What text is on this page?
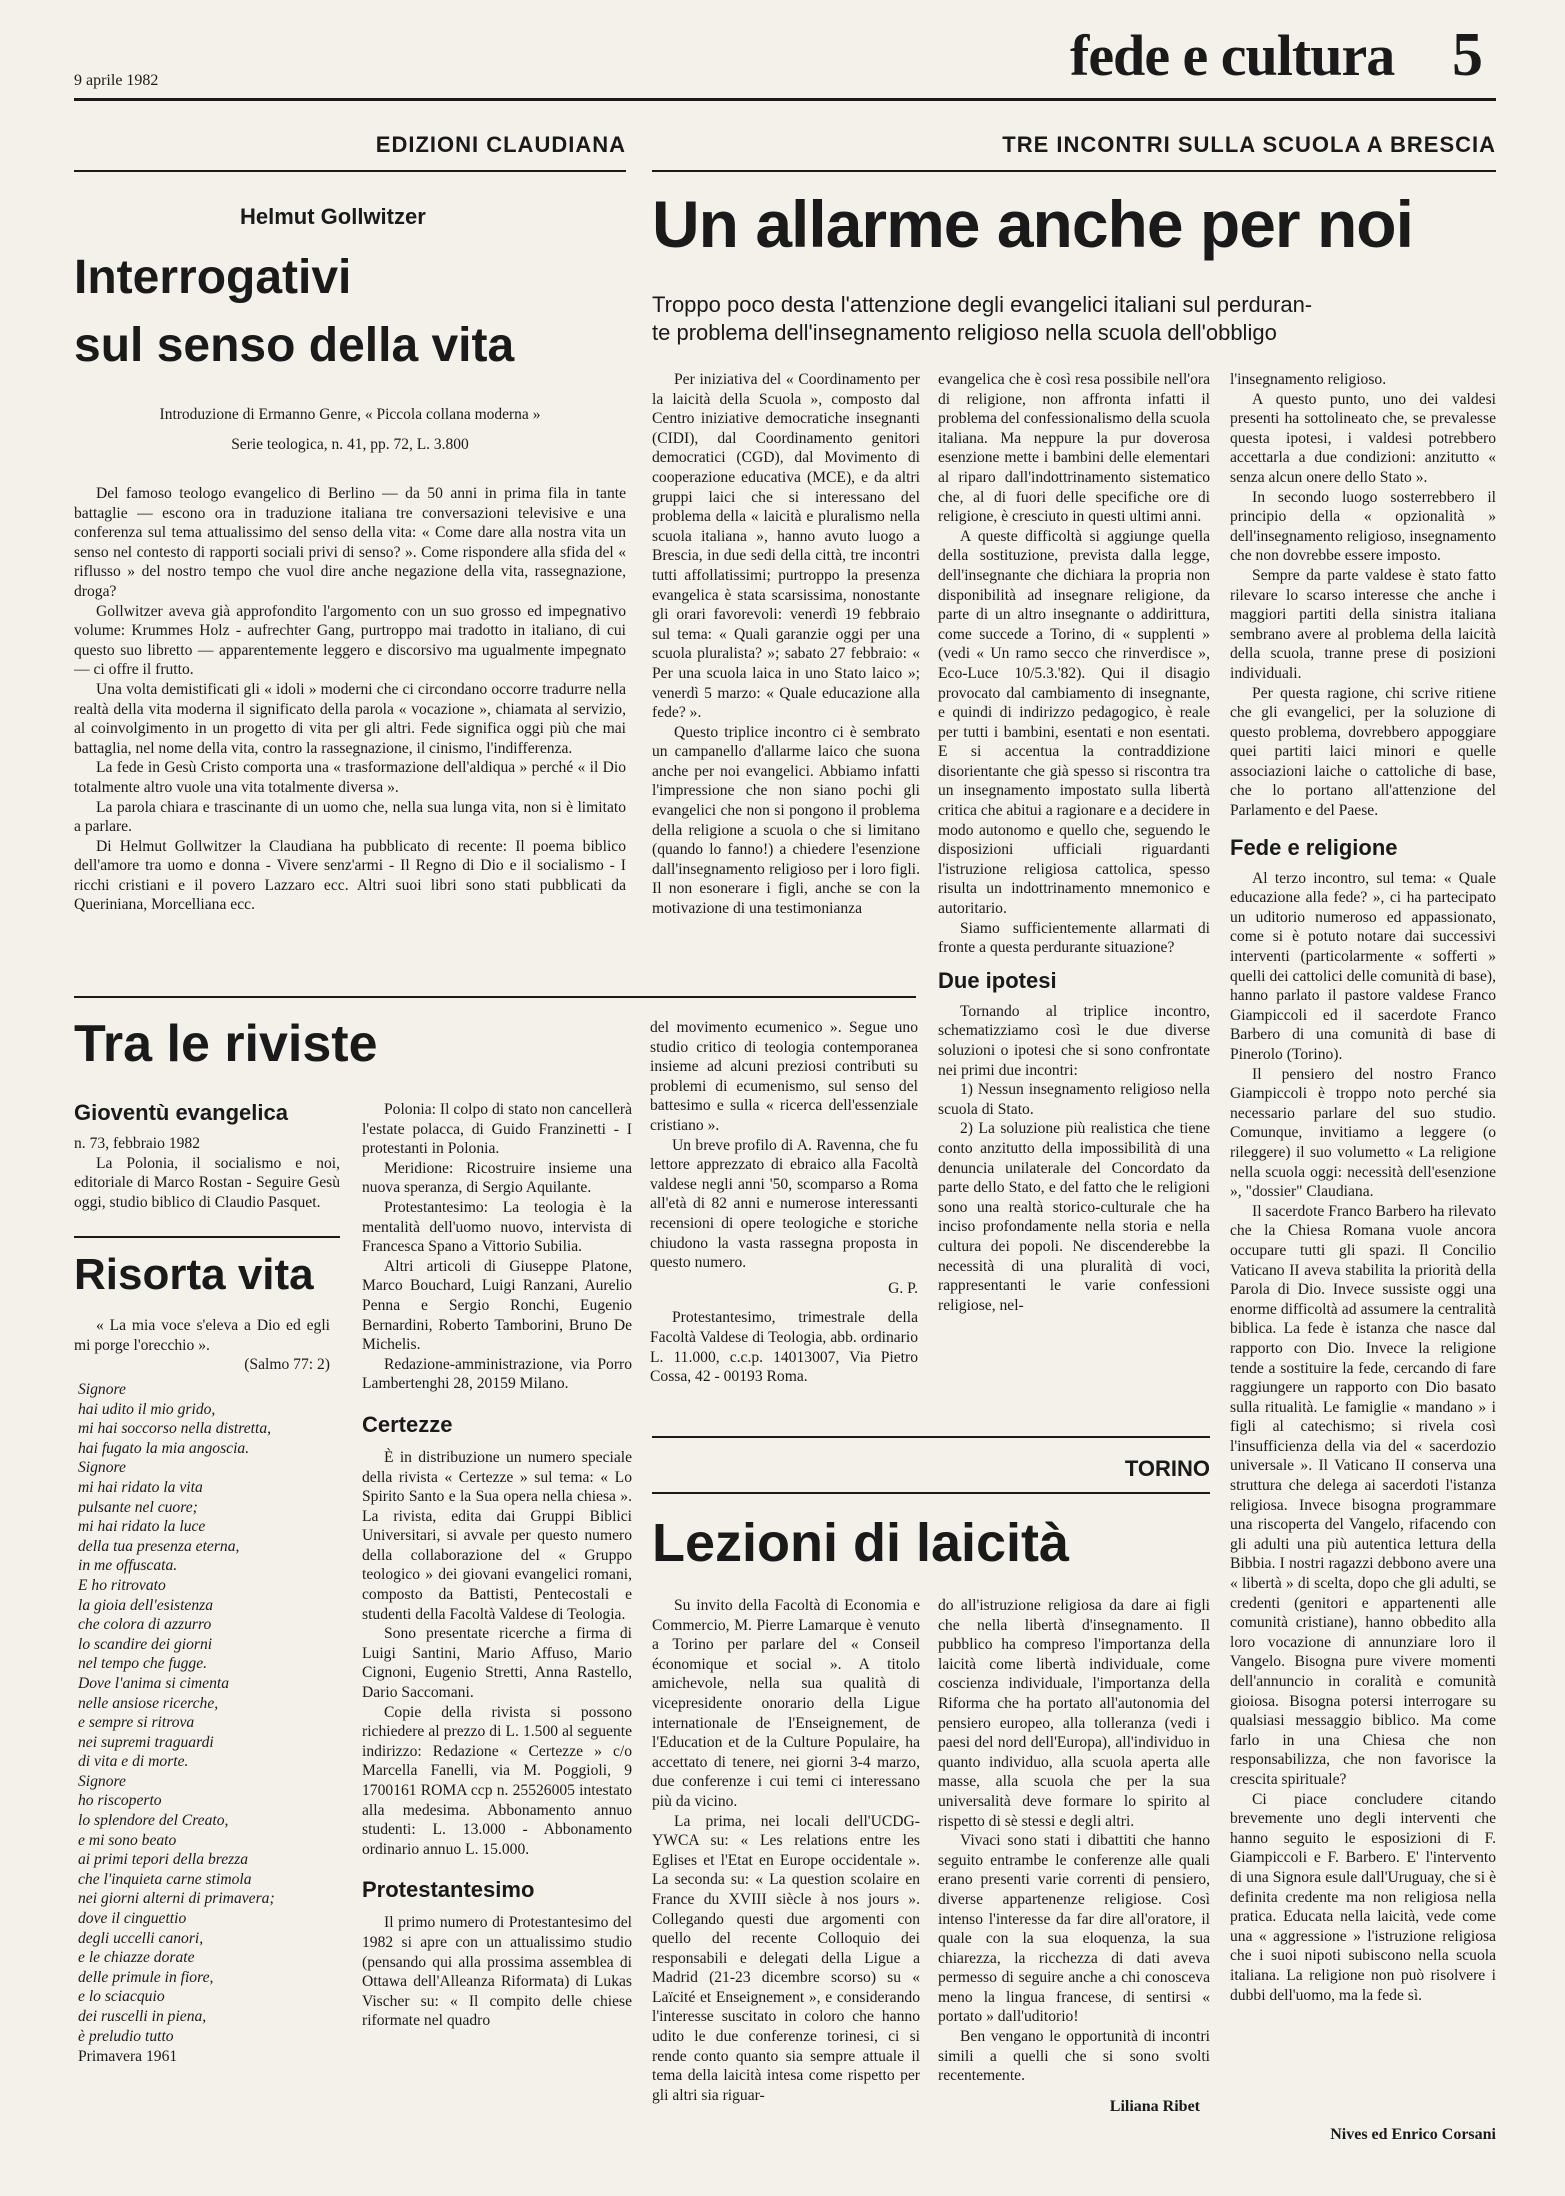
9 aprile 1982	fede e cultura 5
EDIZIONI CLAUDIANA	TRE INCONTRI SULLA SCUOLA A BRESCIA
Helmut Gollwitzer
Interrogativi
sul senso della vita
Introduzione di Ermanno Genre, « Piccola collana moderna »
Serie teologica, n. 41, pp. 72, L. 3.800

Del famoso teologo evangelico di Berlino — da 50 anni in prima fila in tante battaglie — escono ora in traduzione italiana tre conversazioni televisive e una conferenza sul tema attualissimo del senso della vita: « Come dare alla nostra vita un senso nel contesto di rapporti sociali privi di senso? ». Come rispondere alla sfida del « riflusso » del nostro tempo che vuol dire anche negazione della vita, rassegnazione, droga?

Gollwitzer aveva già approfondito l'argomento con un suo grosso ed impegnativo volume: Krummes Holz - aufrechter Gang, purtroppo mai tradotto in italiano, di cui questo suo libretto — apparentemente leggero e discorsivo ma ugualmente impegnato — ci offre il frutto.

Una volta demistificati gli « idoli » moderni che ci circondano occorre tradurre nella realtà della vita moderna il significato della parola « vocazione », chiamata al servizio, al coinvolgimento in un progetto di vita per gli altri. Fede significa oggi più che mai battaglia, nel nome della vita, contro la rassegnazione, il cinismo, l'indifferenza.

La fede in Gesù Cristo comporta una « trasformazione dell'aldiqua » perché « il Dio totalmente altro vuole una vita totalmente diversa ».

La parola chiara e trascinante di un uomo che, nella sua lunga vita, non si è limitato a parlare.

Di Helmut Gollwitzer la Claudiana ha pubblicato di recente: Il poema biblico dell'amore tra uomo e donna - Vivere senz'armi - Il Regno di Dio e il socialismo - I ricchi cristiani e il povero Lazzaro ecc. Altri suoi libri sono stati pubblicati da Queriniana, Morcelliana ecc.

Un allarme anche per noi
Troppo poco desta l'attenzione degli evangelici italiani sul perduran-
te problema dell'insegnamento religioso nella scuola dell'obbligo

Per iniziativa del « Coordinamento per la laicità della Scuola », composto dal Centro iniziative democratiche insegnanti (CIDI), dal Coordinamento genitori democratici (CGD), dal Movimento di cooperazione educativa (MCE), e da altri gruppi laici che si interessano del problema della « laicità e pluralismo nella scuola italiana », hanno avuto luogo a Brescia, in due sedi della città, tre incontri tutti affollatissimi; purtroppo la presenza evangelica è stata scarsissima, nonostante gli orari favorevoli: venerdì 19 febbraio sul tema: « Quali garanzie oggi per una scuola pluralista? »; sabato 27 febbraio: « Per una scuola laica in uno Stato laico »; venerdì 5 marzo: « Quale educazione alla fede? ».

Questo triplice incontro ci è sembrato un campanello d'allarme laico che suona anche per noi evangelici. Abbiamo infatti l'impressione che non siano pochi gli evangelici che non si pongono il problema della religione a scuola o che si limitano (quando lo fanno!) a chiedere l'esenzione dall'insegnamento religioso per i loro figli. Il non esonerare i figli, anche se con la motivazione di una testimonianza

evangelica che è così resa possibile nell'ora di religione, non affronta infatti il problema del confessionalismo della scuola italiana. Ma neppure la pur doverosa esenzione mette i bambini delle elementari al riparo dall'indottrinamento sistematico che, al di fuori delle specifiche ore di religione, è cresciuto in questi ultimi anni.

A queste difficoltà si aggiunge quella della sostituzione, prevista dalla legge, dell'insegnante che dichiara la propria non disponibilità ad insegnare religione, da parte di un altro insegnante o addirittura, come succede a Torino, di « supplenti » (vedi « Un ramo secco che rinverdisce », Eco-Luce 10/5.3.'82). Qui il disagio provocato dal cambiamento di insegnante, e quindi di indirizzo pedagogico, è reale per tutti i bambini, esentati e non esentati. E si accentua la contraddizione disorientante che già spesso si riscontra tra un insegnamento impostato sulla libertà critica che abitui a ragionare e a decidere in modo autonomo e quello che, seguendo le disposizioni ufficiali riguardanti l'istruzione religiosa cattolica, spesso risulta un indottrinamento mnemonico e autoritario.

Siamo sufficientemente allarmati di fronte a questa perdurante situazione?

Due ipotesi

Tornando al triplice incontro, schematizziamo così le due diverse soluzioni o ipotesi che si sono confrontate nei primi due incontri:

1) Nessun insegnamento religioso nella scuola di Stato.

2) La soluzione più realistica che tiene conto anzitutto della impossibilità di una denuncia unilaterale del Concordato da parte dello Stato, e del fatto che le religioni sono una realtà storico-culturale che ha inciso profondamente nella storia e nella cultura dei popoli. Ne discenderebbe la necessità di una pluralità di voci, rappresentanti le varie confessioni religiose, nel-

l'insegnamento religioso.

A questo punto, uno dei valdesi presenti ha sottolineato che, se prevalesse questa ipotesi, i valdesi potrebbero accettarla a due condizioni: anzitutto « senza alcun onere dello Stato ».

In secondo luogo sosterrebbero il principio della « opzionalità » dell'insegnamento religioso, insegnamento che non dovrebbe essere imposto.

Sempre da parte valdese è stato fatto rilevare lo scarso interesse che anche i maggiori partiti della sinistra italiana sembrano avere al problema della laicità della scuola, tranne prese di posizioni individuali.

Per questa ragione, chi scrive ritiene che gli evangelici, per la soluzione di questo problema, dovrebbero appoggiare quei partiti laici minori e quelle associazioni laiche o cattoliche di base, che lo portano all'attenzione del Parlamento e del Paese.

Fede e religione

Al terzo incontro, sul tema: « Quale educazione alla fede? », ci ha partecipato un uditorio numeroso ed appassionato, come si è potuto notare dai successivi interventi (particolarmente « sofferti » quelli dei cattolici delle comunità di base), hanno parlato il pastore valdese Franco Giampiccoli ed il sacerdote Franco Barbero di una comunità di base di Pinerolo (Torino).

Il pensiero del nostro Franco Giampiccoli è troppo noto perché sia necessario parlare del suo studio. Comunque, invitiamo a leggere (o rileggere) il suo volumetto « La religione nella scuola oggi: necessità dell'esenzione », "dossier" Claudiana.

Il sacerdote Franco Barbero ha rilevato che la Chiesa Romana vuole ancora occupare tutti gli spazi. Il Concilio Vaticano II aveva stabilita la priorità della Parola di Dio. Invece sussiste oggi una enorme difficoltà ad assumere la centralità biblica. La fede è istanza che nasce dal rapporto con Dio. Invece la religione tende a sostituire la fede, cercando di fare raggiungere un rapporto con Dio basato sulla ritualità. Le famiglie « mandano » i figli al catechismo; si rivela così l'insufficienza della via del « sacerdozio universale ». Il Vaticano II conserva una struttura che delega ai sacerdoti l'istanza religiosa. Invece bisogna programmare una riscoperta del Vangelo, rifacendo con gli adulti una più autentica lettura della Bibbia. I nostri ragazzi debbono avere una « libertà » di scelta, dopo che gli adulti, se credenti (genitori e appartenenti alle comunità cristiane), hanno obbedito alla loro vocazione di annunziare loro il Vangelo. Bisogna pure vivere momenti dell'annuncio in coralità e comunità gioiosa. Bisogna potersi interrogare su qualsiasi messaggio biblico. Ma come farlo in una Chiesa che non responsabilizza, che non favorisce la crescita spirituale?

Ci piace concludere citando brevemente uno degli interventi che hanno seguito le esposizioni di F. Giampiccoli e F. Barbero. E' l'intervento di una Signora esule dall'Uruguay, che si è definita credente ma non religiosa nella pratica. Educata nella laicità, vede come una « aggressione » l'istruzione religiosa che i suoi nipoti subiscono nella scuola italiana. La religione non può risolvere i dubbi dell'uomo, ma la fede sì.

Nives ed Enrico Corsani
Tra le riviste
Gioventù evangelica

n. 73, febbraio 1982

La Polonia, il socialismo e noi, editoriale di Marco Rostan - Seguire Gesù oggi, studio biblico di Claudio Pasquet.

Polonia: Il colpo di stato non cancellerà l'estate polacca, di Guido Franzinetti - I protestanti in Polonia.

Meridione: Ricostruire insieme una nuova speranza, di Sergio Aquilante.

Protestantesimo: La teologia è la mentalità dell'uomo nuovo, intervista di Francesca Spano a Vittorio Subilia.

Altri articoli di Giuseppe Platone, Marco Bouchard, Luigi Ranzani, Aurelio Penna e Sergio Ronchi, Eugenio Bernardini, Roberto Tamborini, Bruno De Michelis.

Redazione-amministrazione, via Porro Lambertenghi 28, 20159 Milano.

Certezze

È in distribuzione un numero speciale della rivista « Certezze » sul tema: « Lo Spirito Santo e la Sua opera nella chiesa ». La rivista, edita dai Gruppi Biblici Universitari, si avvale per questo numero della collaborazione del « Gruppo teologico » dei giovani evangelici romani, composto da Battisti, Pentecostali e studenti della Facoltà Valdese di Teologia.

Sono presentate ricerche a firma di Luigi Santini, Mario Affuso, Mario Cignoni, Eugenio Stretti, Anna Rastello, Dario Saccomani.

Copie della rivista si possono richiedere al prezzo di L. 1.500 al seguente indirizzo: Redazione « Certezze » c/o Marcella Fanelli, via M. Poggioli, 9 1700161 ROMA ccp n. 25526005 intestato alla medesima. Abbonamento annuo studenti: L. 13.000 - Abbonamento ordinario annuo L. 15.000.

Protestantesimo

Il primo numero di Protestantesimo del 1982 si apre con un attualissimo studio (pensando qui alla prossima assemblea di Ottawa dell'Alleanza Riformata) di Lukas Vischer su: « Il compito delle chiese riformate nel quadro

del movimento ecumenico ». Segue uno studio critico di teologia contemporanea insieme ad alcuni preziosi contributi su problemi di ecumenismo, sul senso del battesimo e sulla « ricerca dell'essenziale cristiano ».

Un breve profilo di A. Ravenna, che fu lettore apprezzato di ebraico alla Facoltà valdese negli anni '50, scomparso a Roma all'età di 82 anni e numerose interessanti recensioni di opere teologiche e storiche chiudono la vasta rassegna proposta in questo numero.

G. P.

Protestantesimo, trimestrale della Facoltà Valdese di Teologia, abb. ordinario L. 11.000, c.c.p. 14013007, Via Pietro Cossa, 42 - 00193 Roma.

Risorta vita

« La mia voce s'eleva a Dio ed egli mi porge l'orecchio ».

(Salmo 77: 2)

Signore

hai udito il mio grido,

mi hai soccorso nella distretta,

hai fugato la mia angoscia.

Signore

mi hai ridato la vita

pulsante nel cuore;

mi hai ridato la luce

della tua presenza eterna,

in me offuscata.

E ho ritrovato

la gioia dell'esistenza

che colora di azzurro

lo scandire dei giorni

nel tempo che fugge.

Dove l'anima si cimenta

nelle ansiose ricerche,

e sempre si ritrova

nei supremi traguardi

di vita e di morte.

Signore

ho riscoperto

lo splendore del Creato,

e mi sono beato

ai primi tepori della brezza

che l'inquieta carne stimola

nei giorni alterni di primavera;

dove il cinguettio

degli uccelli canori,

e le chiazze dorate

delle primule in fiore,

e lo sciacquio

dei ruscelli in piena,

è preludio tutto

Primavera 1961
TORINO
Lezioni di laicità

Su invito della Facoltà di Economia e Commercio, M. Pierre Lamarque è venuto a Torino per parlare del « Conseil économique et social ». A titolo amichevole, nella sua qualità di vicepresidente onorario della Ligue internationale de l'Enseignement, de l'Education et de la Culture Populaire, ha accettato di tenere, nei giorni 3-4 marzo, due conferenze i cui temi ci interessano più da vicino.

La prima, nei locali dell'UCDG-YWCA su: « Les relations entre les Eglises et l'Etat en Europe occidentale ». La seconda su: « La question scolaire en France du XVIII siècle à nos jours ». Collegando questi due argomenti con quello del recente Colloquio dei responsabili e delegati della Ligue a Madrid (21-23 dicembre scorso) su « Laïcité et Enseignement », e considerando l'interesse suscitato in coloro che hanno udito le due conferenze torinesi, ci si rende conto quanto sia sempre attuale il tema della laicità intesa come rispetto per gli altri sia riguar-

do all'istruzione religiosa da dare ai figli che nella libertà d'insegnamento. Il pubblico ha compreso l'importanza della laicità come libertà individuale, come coscienza individuale, l'importanza della Riforma che ha portato all'autonomia del pensiero europeo, alla tolleranza (vedi i paesi del nord dell'Europa), all'individuo in quanto individuo, alla scuola aperta alle masse, alla scuola che per la sua universalità deve formare lo spirito al rispetto di sè stessi e degli altri.

Vivaci sono stati i dibattiti che hanno seguito entrambe le conferenze alle quali erano presenti varie correnti di pensiero, diverse appartenenze religiose. Così intenso l'interesse da far dire all'oratore, il quale con la sua eloquenza, la sua chiarezza, la ricchezza di dati aveva permesso di seguire anche a chi conosceva meno la lingua francese, di sentirsi « portato » dall'uditorio!

Ben vengano le opportunità di incontri simili a quelli che si sono svolti recentemente.

Liliana Ribet
